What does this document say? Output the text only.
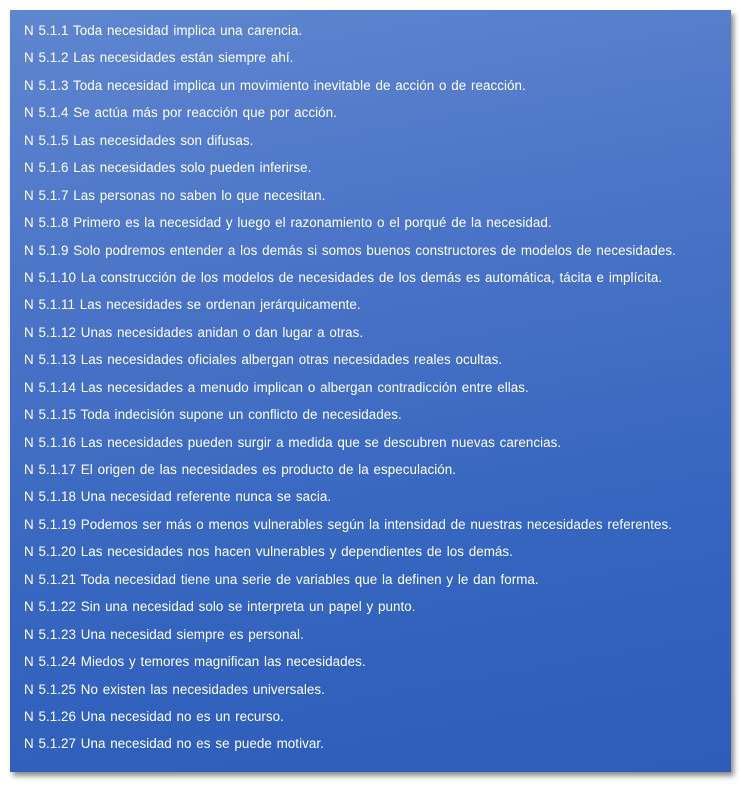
N 5.1.1 Toda necesidad implica una carencia.
N 5.1.2 Las necesidades están siempre ahí.
N 5.1.3 Toda necesidad implica un movimiento inevitable de acción o de reacción.
N 5.1.4 Se actúa más por reacción que por acción.
N 5.1.5 Las necesidades son difusas.
N 5.1.6 Las necesidades solo pueden inferirse.
N 5.1.7 Las personas no saben lo que necesitan.
N 5.1.8 Primero es la necesidad y luego el razonamiento o el porqué de la necesidad.
N 5.1.9 Solo podremos entender a los demás si somos buenos constructores de modelos de necesidades.
N 5.1.10 La construcción de los modelos de necesidades de los demás es automática, tácita e implícita.
N 5.1.11 Las necesidades se ordenan jerárquicamente.
N 5.1.12 Unas necesidades anidan o dan lugar a otras.
N 5.1.13 Las necesidades oficiales albergan otras necesidades reales ocultas.
N 5.1.14 Las necesidades a menudo implican o albergan contradicción entre ellas.
N 5.1.15 Toda indecisión supone un conflicto de necesidades.
N 5.1.16 Las necesidades pueden surgir a medida que se descubren nuevas carencias.
N 5.1.17 El origen de las necesidades es producto de la especulación.
N 5.1.18 Una necesidad referente nunca se sacia.
N 5.1.19 Podemos ser más o menos vulnerables según la intensidad de nuestras necesidades referentes.
N 5.1.20 Las necesidades nos hacen vulnerables y dependientes de los demás.
N 5.1.21 Toda necesidad tiene una serie de variables que la definen y le dan forma.
N 5.1.22 Sin una necesidad solo se interpreta un papel y punto.
N 5.1.23 Una necesidad siempre es personal.
N 5.1.24 Miedos y temores magnifican las necesidades.
N 5.1.25 No existen las necesidades universales.
N 5.1.26 Una necesidad no es un recurso.
N 5.1.27 Una necesidad no es se puede motivar.
